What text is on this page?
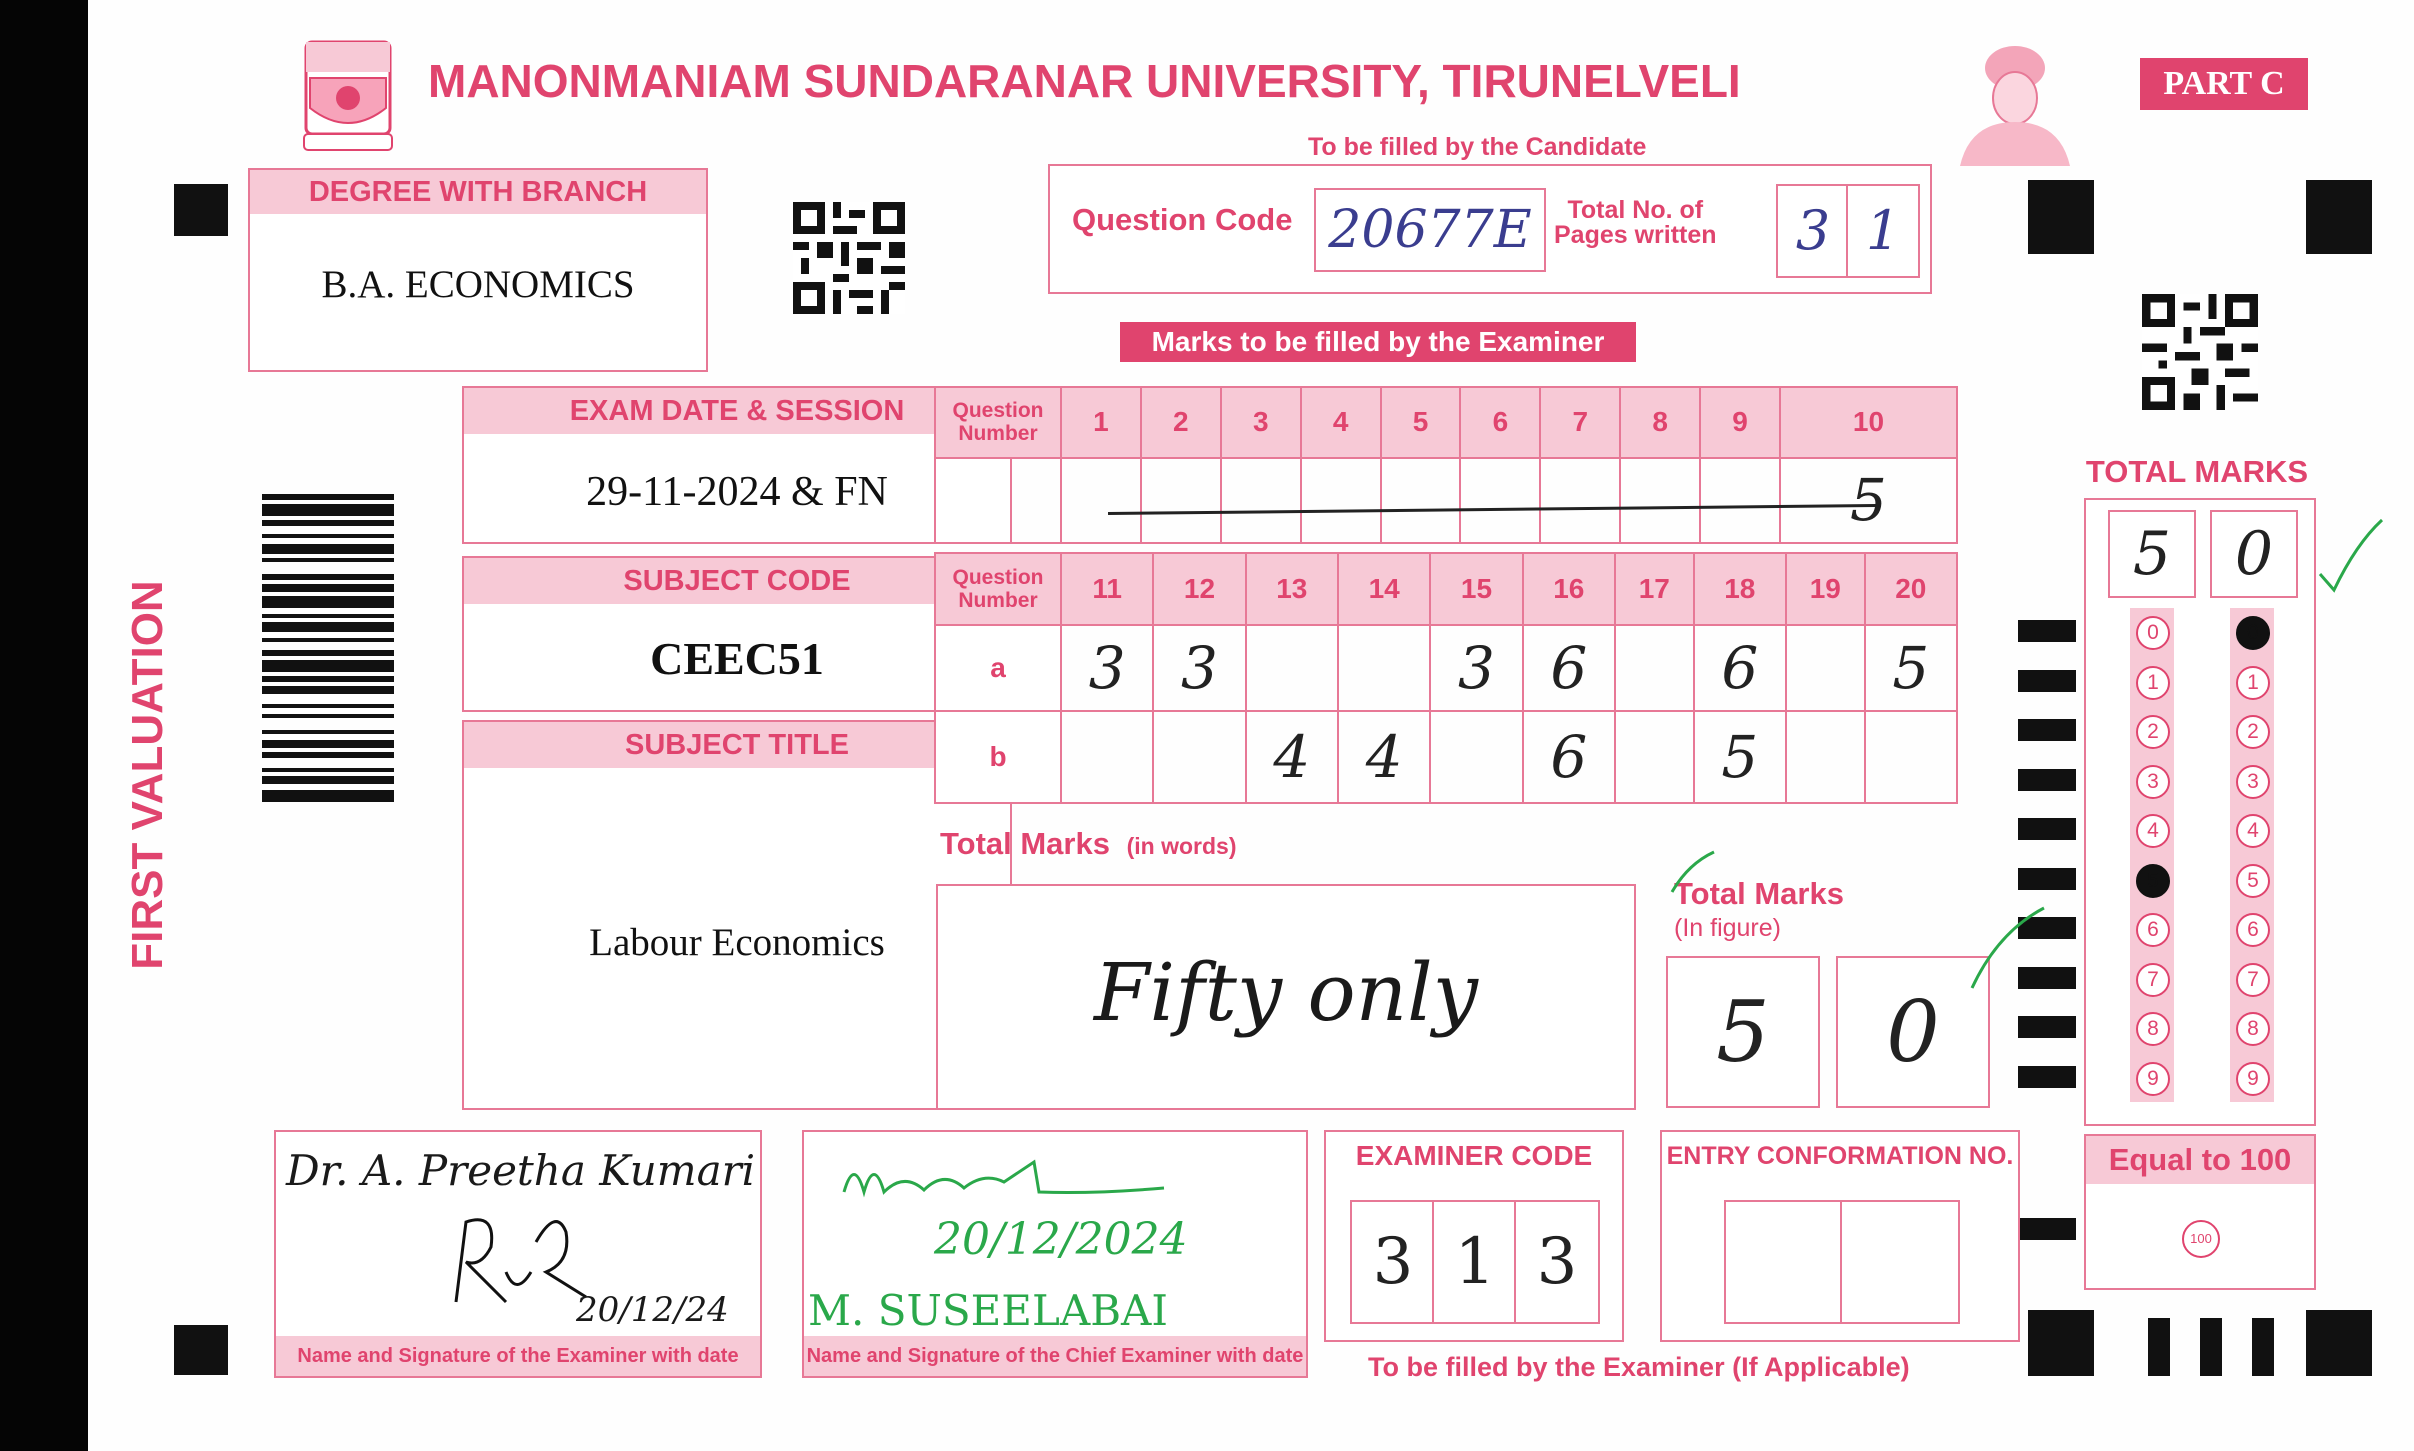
MANONMANIAM SUNDARANAR UNIVERSITY, TIRUNELVELI	PART C
To be filled by the Candidate
DEGREE WITH BRANCH
B.A. ECONOMICS
Question Code 20677E	Total No. of
Pages written	3 1
Marks to be filled by the Examiner
EXAM DATE & SESSION
29-11-2024 & FN
SUBJECT CODE
CEEC51
SUBJECT TITLE
Labour Economics
FIRST VALUATION
Question
Number	1	2	3	4	5	6	7	8	9	10
										5
Question
Number	11	12	13	14	15	16	17	18	19	20
a	3	3			3	6		6		5
b			4	4		6		5		
Total Marks (in words)
Fifty only
Total Marks
(In figure)
5	0
TOTAL MARKS
5	0
0
1
2
3
4
5
6
7
8
9
0
1
2
3
4
5
6
7
8
9
Equal to 100
100
Dr. A. Preetha Kumari
20/12/24
Name and Signature of the Examiner with date
20/12/2024
M. SUSEELABAI
Name and Signature of the Chief Examiner with date
EXAMINER CODE
3 1 3
ENTRY CONFORMATION NO.
To be filled by the Examiner (If Applicable)
